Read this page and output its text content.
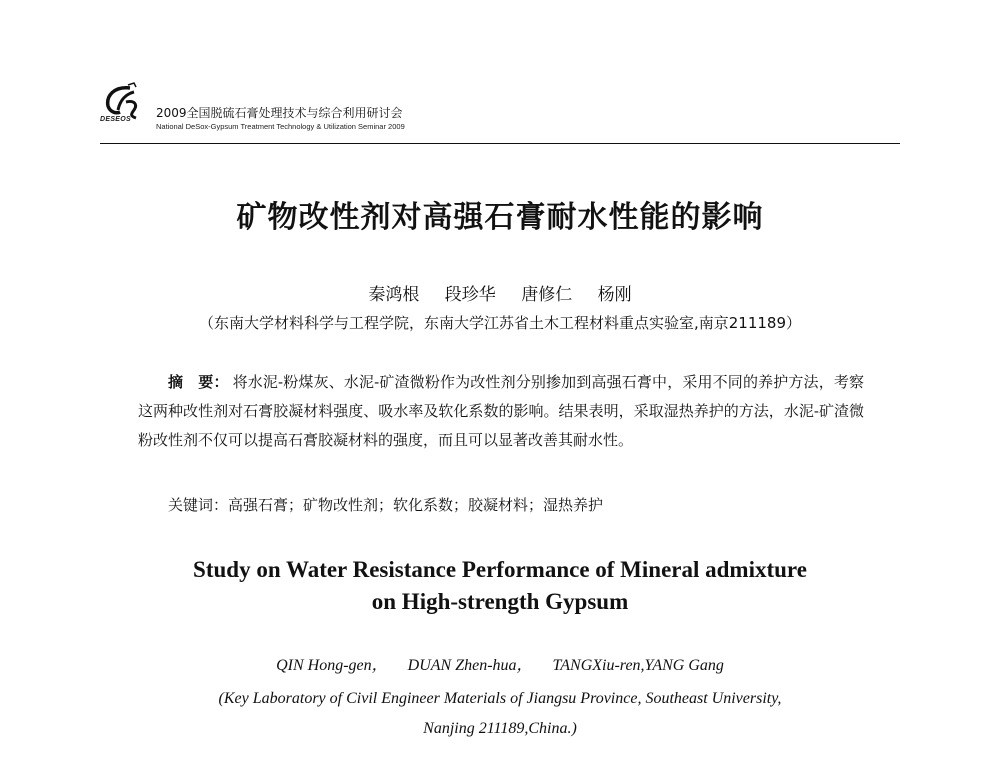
DESEOS 2009全国脱硫石膏处理技术与综合利用研讨会
National DeSox-Gypsum Treatment Technology & Utilization Seminar 2009
矿物改性剂对高强石膏耐水性能的影响
秦鸿根 段珍华 唐修仁 杨刚
（东南大学材料科学与工程学院，东南大学江苏省土木工程材料重点实验室,南京211189）
摘　要： 将水泥-粉煤灰、水泥-矿渣微粉作为改性剂分别掺加到高强石膏中，采用不同的养护方法，考察这两种改性剂对石膏胶凝材料强度、吸水率及软化系数的影响。结果表明，采取湿热养护的方法，水泥-矿渣微粉改性剂不仅可以提高石膏胶凝材料的强度，而且可以显著改善其耐水性。
关键词：高强石膏；矿物改性剂；软化系数；胶凝材料；湿热养护
Study on Water Resistance Performance of Mineral admixture
on High-strength Gypsum
QIN Hong-gen， DUAN Zhen-hua， TANGXiu-ren,YANG Gang
(Key Laboratory of Civil Engineer Materials of Jiangsu Province, Southeast University,
Nanjing 211189,China.)
